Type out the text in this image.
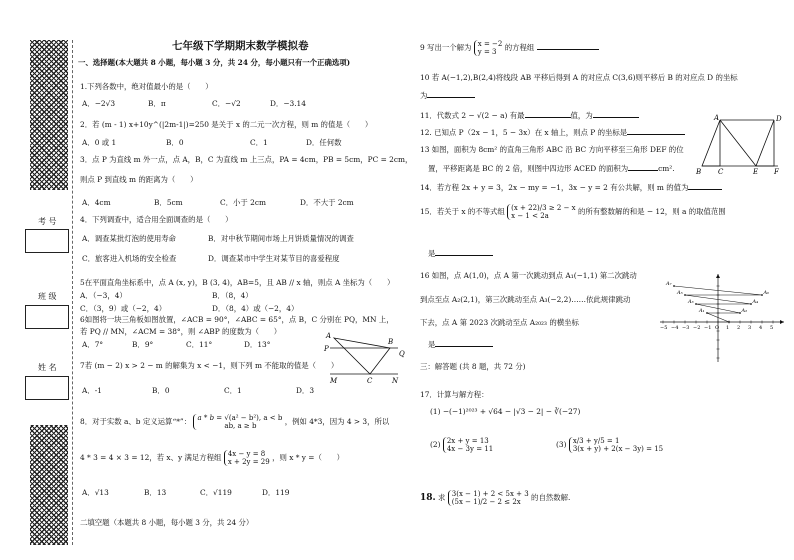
考 号
班 级
姓 名
七年级下学期期末数学模拟卷
一、选择题(本大题共 8 小题，每小题 3 分，共 24 分，每小题只有一个正确选项)
1.下列各数中，绝对值最小的是（　　）
A．−2√3	B．π	C．−√2	D．−3.14
2．若 (m - 1) x+10y^(|2m-1|)=250 是关于 x 的二元一次方程，则 m 的值是（　　）
A．0 或 1	B．0	C．1	D．任何数
3．点 P 为直线 m 外一点，点 A，B，C 为直线 m 上三点，PA = 4cm，PB = 5cm，PC = 2cm，
则点 P 到直线 m 的距离为（　　）
A．4cm	B．5cm	C．小于 2cm	D．不大于 2cm
4．下列调查中，适合用全面调查的是（　　）
A．调查某批灯泡的使用寿命	B．对中秋节期间市场上月饼质量情况的调查
C．旅客进入机场的安全检查	D．调查某市中学生对某节目的喜爱程度
5在平面直角坐标系中，点 A (x, y)，B (3, 4)，AB=5，且 AB // x 轴，则点 A 坐标为（　　）
A．（−3，4）	B．（8，4）
C．（3，9）或（−2，4）	D．（8，4）或（−2，4）
6如图将一块三角板如图放置，∠ACB = 90°，∠ABC = 65°，点 B，C 分别在 PQ，MN 上，
若 PQ // MN，∠ACM = 38°，则 ∠ABP 的度数为（　　）
A．7°	B．9°	C．11°	D．13°	P
A
B
Q
M	C	N
7若 (m − 2) x > 2 − m 的解集为 x < −1，则下列 m 不能取的值是（　　）
A．-1	B．0	C．1	D．3
8．对于实数 a、b 定义运算“*”： a * b = √(a² − b²), a < b
ab, a ≥ b	，例如 4*3，因为 4 > 3，所以
4 * 3 = 4 × 3 = 12，若 x、y 满足方程组 4x − y = 8
x + 2y = 29 ，则 x * y =（　　）
A．√13	B．13	C．√119	D．119
二填空题（本题共 8 小题，每小题 3 分，共 24 分）
9 写出一个解为 x = −2
y = 3 的方程组
10 若 A(−1,2),B(2,4)将线段 AB 平移后得到 A 的对应点 C(3,6)则平移后 B 的对应点 D 的坐标
为
11．代数式 2 − √(2 − a) 有最	值，为
12. 已知点 P（2x − 1，5 − 3x）在 x 轴上，则点 P 的坐标是
13 如图，面积为 8cm² 的直角三角形 ABC 沿 BC 方向平移至三角形 DEF 的位
置，平移距离是 BC 的 2 倍，则图中四边形 ACED 的面积为	cm².
A	D
B C	E F
14．若方程 2x + y = 3，2x − my = −1，3x − y = 2 有公共解，则 m 的值为
15．若关于 x 的不等式组 (x + 22)/3 ≥ 2 − x
x − 1 < 2a	的所有整数解的和是 − 12，则 a 的取值范围
是
16 如图，点 A(1,0)，点 A 第一次跳动到点 A₁(−1,1) 第二次跳动
到点至点 A₂(2,1)，第三次跳动至点 A₃(−2,2)……依此规律跳动
下去，点 A 第 2023 次跳动至点 A₂₀₂₃ 的横坐标
是
−5 −4 −3 −2 −1 O 1 2 3 4 5
A₁	A₂
A₃	A₄
A₅	A₆
A₇
三：解答题 (共 8 题，共 72 分)
17．计算与解方程：
(1) −(−1)²⁰²³ + √64 − |√3 − 2| − ∛(−27)
(2) 2x + y = 13
4x − 3y = 11	(3) x/3 + y/5 = 1
3(x + y) + 2(x − 3y) = 15
18. 求 3(x − 1) + 2 < 5x + 3
(5x − 1)/2 − 2 ≤ 2x 的自然数解.
